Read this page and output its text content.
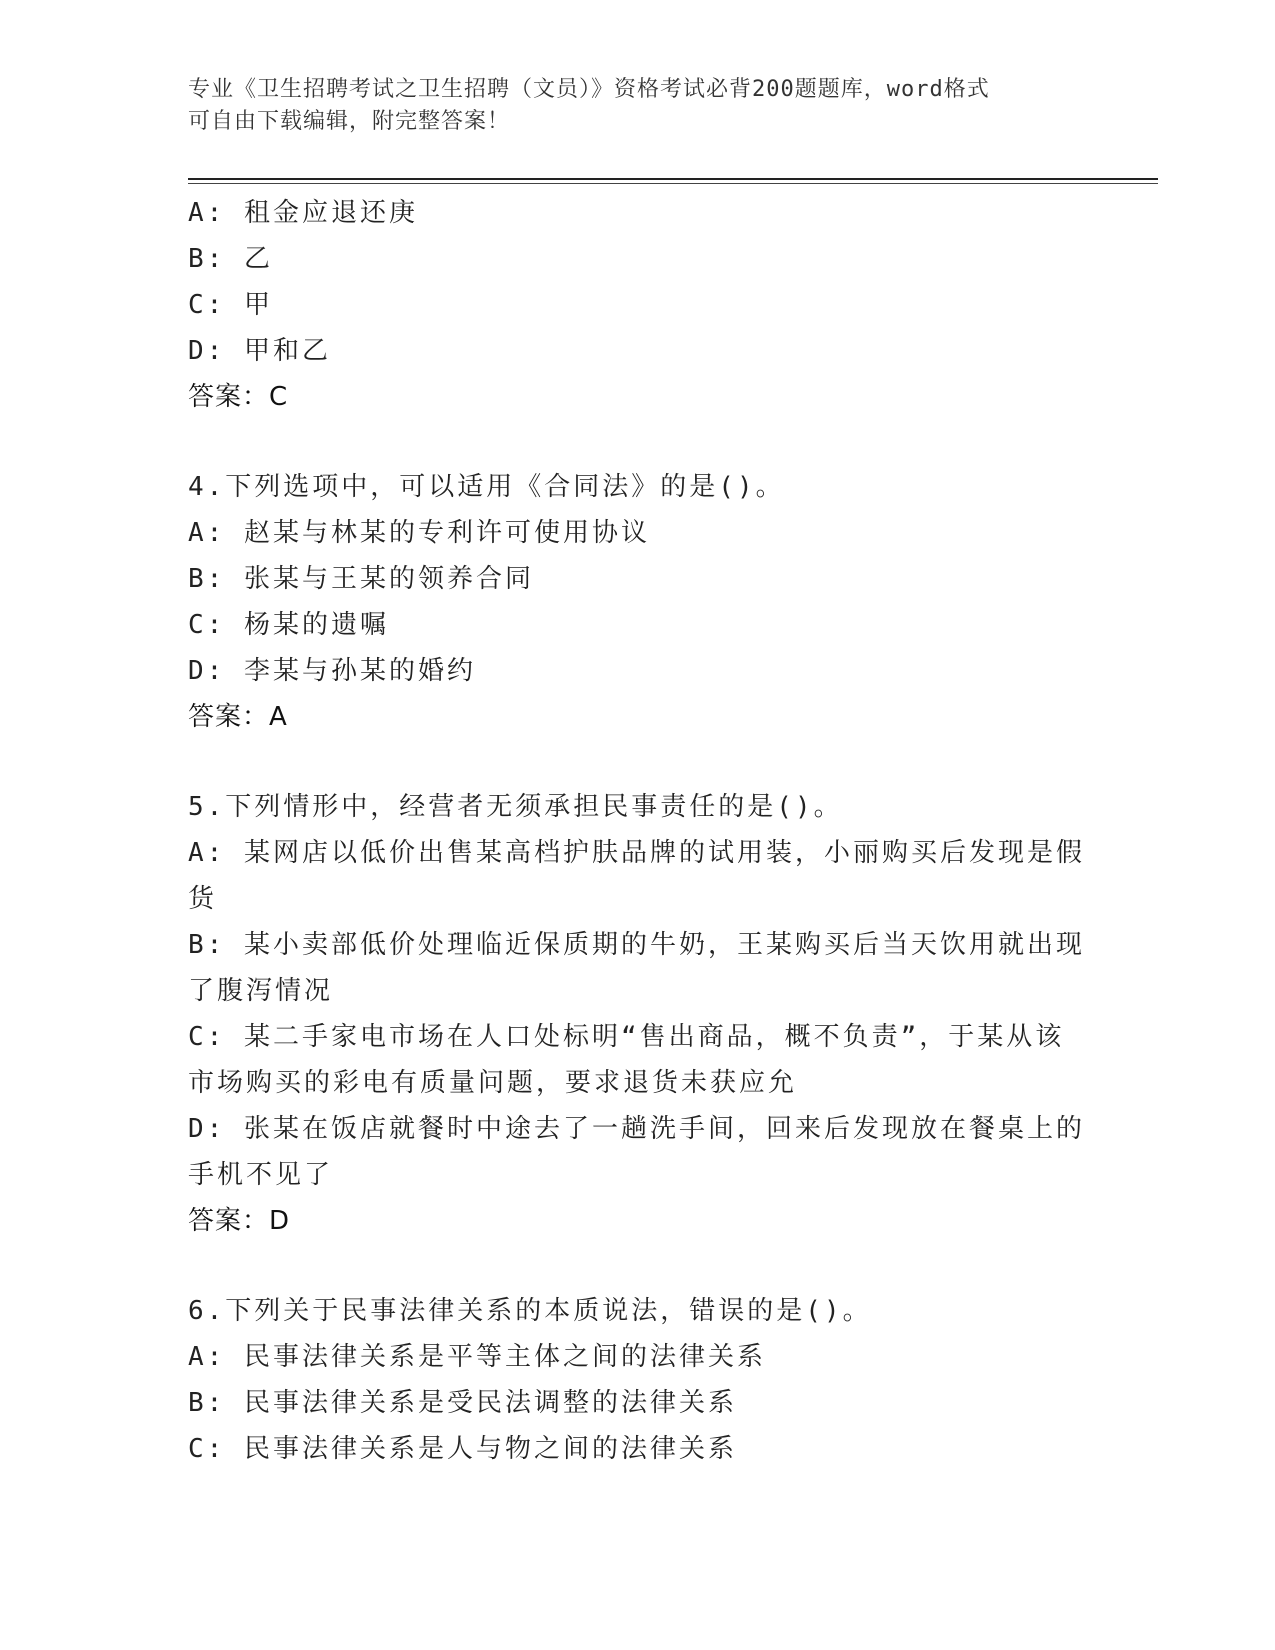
专业《卫生招聘考试之卫生招聘（文员）》资格考试必背200题题库，word格式
可自由下载编辑，附完整答案！
A: 租金应退还庚
B: 乙
C: 甲
D: 甲和乙
答案：C
4.下列选项中，可以适用《合同法》的是()。
A: 赵某与林某的专利许可使用协议
B: 张某与王某的领养合同
C: 杨某的遗嘱
D: 李某与孙某的婚约
答案：A
5.下列情形中，经营者无须承担民事责任的是()。
A: 某网店以低价出售某高档护肤品牌的试用装，小丽购买后发现是假
货
B: 某小卖部低价处理临近保质期的牛奶，王某购买后当天饮用就出现
了腹泻情况
C: 某二手家电市场在人口处标明“售出商品，概不负责”，于某从该
市场购买的彩电有质量问题，要求退货未获应允
D: 张某在饭店就餐时中途去了一趟洗手间，回来后发现放在餐桌上的
手机不见了
答案：D
6.下列关于民事法律关系的本质说法，错误的是()。
A: 民事法律关系是平等主体之间的法律关系
B: 民事法律关系是受民法调整的法律关系
C: 民事法律关系是人与物之间的法律关系
